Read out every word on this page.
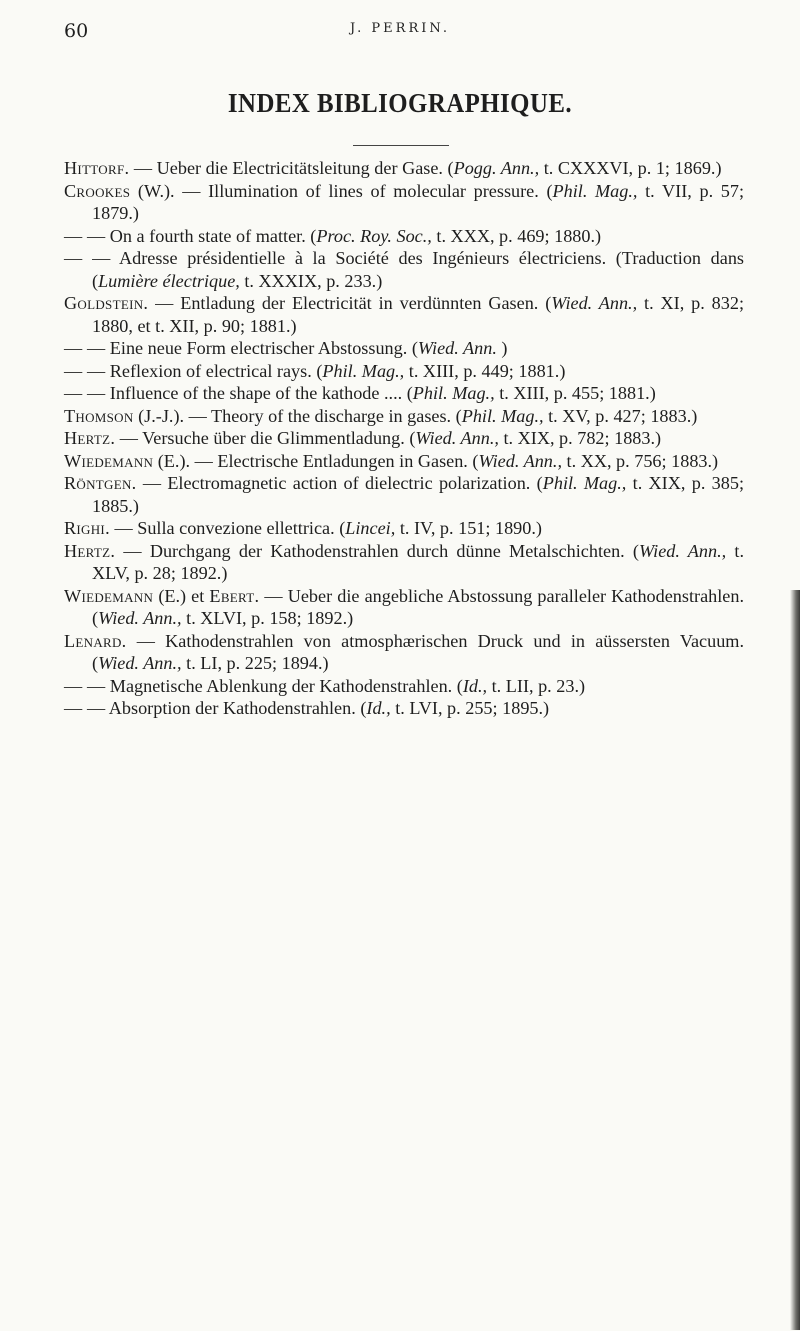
60	J. PERRIN.
INDEX BIBLIOGRAPHIQUE.
Hittorf. — Ueber die Electricitätsleitung der Gase. (Pogg. Ann., t. CXXXVI, p. 1; 1869.)
Crookes (W.). — Illumination of lines of molecular pressure. (Phil. Mag., t. VII, p. 57; 1879.)
— — On a fourth state of matter. (Proc. Roy. Soc., t. XXX, p. 469; 1880.)
— — Adresse présidentielle à la Société des Ingénieurs électriciens. (Traduction dans (Lumière électrique, t. XXXIX, p. 233.)
Goldstein. — Entladung der Electricität in verdünnten Gasen. (Wied. Ann., t. XI, p. 832; 1880, et t. XII, p. 90; 1881.)
— — Eine neue Form electrischer Abstossung. (Wied. Ann. )
— — Reflexion of electrical rays. (Phil. Mag., t. XIII, p. 449; 1881.)
— — Influence of the shape of the kathode .... (Phil. Mag., t. XIII, p. 455; 1881.)
Thomson (J.-J.). — Theory of the discharge in gases. (Phil. Mag., t. XV, p. 427; 1883.)
Hertz. — Versuche über die Glimmentladung. (Wied. Ann., t. XIX, p. 782; 1883.)
Wiedemann (E.). — Electrische Entladungen in Gasen. (Wied. Ann., t. XX, p. 756; 1883.)
Röntgen. — Electromagnetic action of dielectric polarization. (Phil. Mag., t. XIX, p. 385; 1885.)
Righi. — Sulla convezione ellettrica. (Lincei, t. IV, p. 151; 1890.)
Hertz. — Durchgang der Kathodenstrahlen durch dünne Metalschichten. (Wied. Ann., t. XLV, p. 28; 1892.)
Wiedemann (E.) et Ebert. — Ueber die angebliche Abstossung paralleler Kathodenstrahlen. (Wied. Ann., t. XLVI, p. 158; 1892.)
Lenard. — Kathodenstrahlen von atmosphærischen Druck und in aüssersten Vacuum. (Wied. Ann., t. LI, p. 225; 1894.)
— — Magnetische Ablenkung der Kathodenstrahlen. (Id., t. LII, p. 23.)
— — Absorption der Kathodenstrahlen. (Id., t. LVI, p. 255; 1895.)
